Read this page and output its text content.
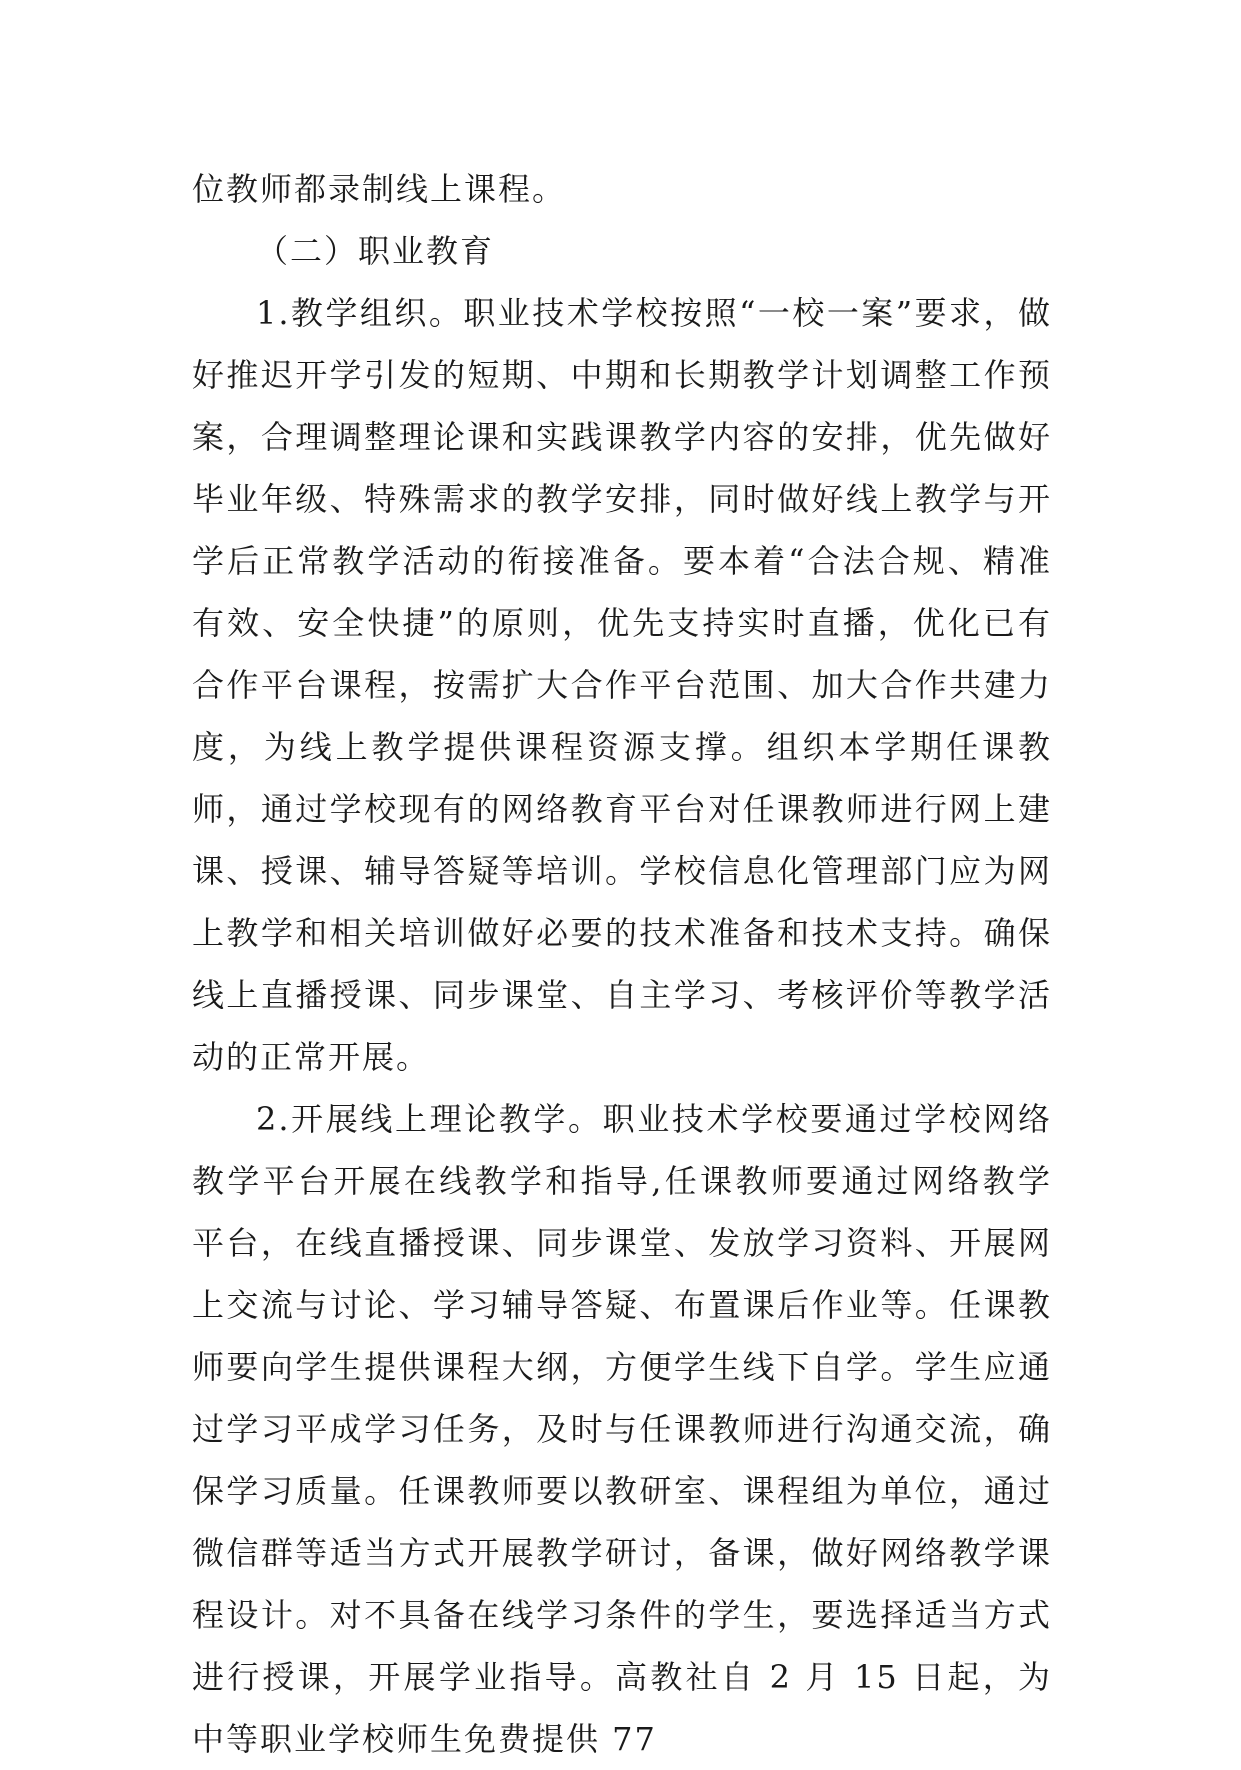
位教师都录制线上课程。

（二）职业教育

1.教学组织。职业技术学校按照“一校一案”要求，做好推迟开学引发的短期、中期和长期教学计划调整工作预案，合理调整理论课和实践课教学内容的安排，优先做好毕业年级、特殊需求的教学安排，同时做好线上教学与开学后正常教学活动的衔接准备。要本着“合法合规、精准有效、安全快捷”的原则，优先支持实时直播，优化已有合作平台课程，按需扩大合作平台范围、加大合作共建力度，为线上教学提供课程资源支撑。组织本学期任课教师，通过学校现有的网络教育平台对任课教师进行网上建课、授课、辅导答疑等培训。学校信息化管理部门应为网上教学和相关培训做好必要的技术准备和技术支持。确保线上直播授课、同步课堂、自主学习、考核评价等教学活动的正常开展。

2.开展线上理论教学。职业技术学校要通过学校网络教学平台开展在线教学和指导,任课教师要通过网络教学平台，在线直播授课、同步课堂、发放学习资料、开展网上交流与讨论、学习辅导答疑、布置课后作业等。任课教师要向学生提供课程大纲，方便学生线下自学。学生应通过学习平成学习任务，及时与任课教师进行沟通交流，确保学习质量。任课教师要以教研室、课程组为单位，通过微信群等适当方式开展教学研讨，备课，做好网络教学课程设计。对不具备在线学习条件的学生，要选择适当方式进行授课，开展学业指导。高教社自 2 月 15 日起，为中等职业学校师生免费提供 77
